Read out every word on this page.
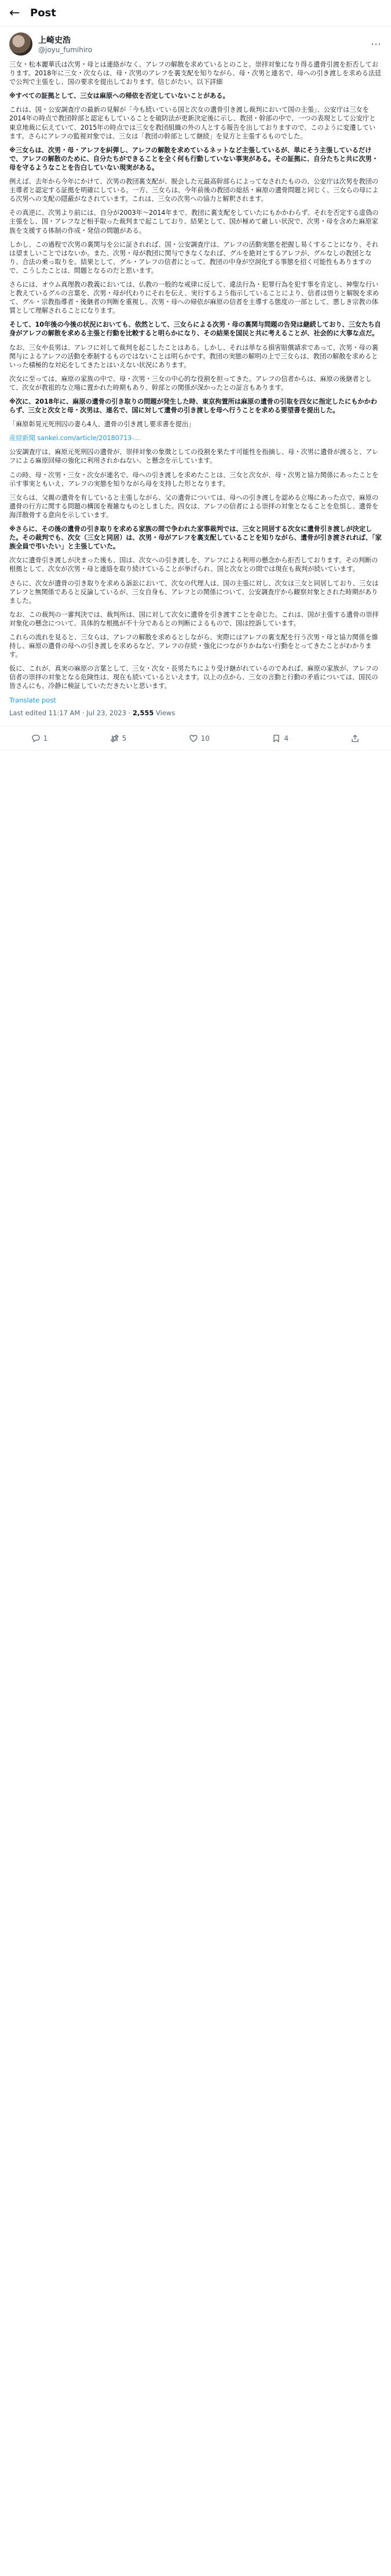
← Post
上崎史浩
@joyu_fumihiro	⋯

三女・松本麗華氏は次男・母とは連絡がなく、アレフの解散を求めているとのこと。崇拝対象になり得る遺骨引渡を拒否しております。2018年に三女・次女らは、母・次男のアレフを裏支配を知りながら、母・次男と連名で、母への引き渡しを求める法廷で公判で主張をし、国の要求を提出しております。信じがたい。以下詳細

※すべての証拠として、三女は麻原への帰依を否定していないことがある。

これは、国・公安調査庁の最新の見解が「今も続いている国と次女の遺骨引き渡し裁判において国の主張」、公安庁は三女を2014年の時点で教団幹部と認定もしていることを破防法が更新決定後に示し、教団・幹部の中で、一つの表現として公安庁と東京地裁に伝えていて、2015年の時点では三女を教団組織の外の人とする報告を出しておりますので、このように変遷しています。さらにアレフの監視対象では、三女は「教団の幹部として継続」を見方と主張するものでした。

※三女らは、次男・母・アレフを糾弾し、アレフの解散を求めているネットなど主張しているが、単にそう主張しているだけで、アレフの解散のために、自分たちができることを全く何も行動していない事実がある。その証拠に、自分たちと共に次男・母を守るようなことを告白していない現実がある。

例えば、去年から今年にかけて、次男の教団裏支配が、脱会した元最高幹部らによってなされたものの、公安庁は次男を教団の主導者と認定する証拠を明確にしている。一方、三女らは、今年前後の教団の総括・麻原の遺骨問題と同じく、三女らの母による次男への支配の隠蔽がなされています。これは、三女の次男への協力と解釈されます。

その真逆に、次男より前には、自分が2003年〜2014年まで、教団に裏支配をしていたにもかかわらず、それを否定する虚偽の主張をし、国・アレフなど相手取った裁判まで起こしており、結果として、国が極めて厳しい状況で、次男・母を含めた麻原家族を支援する体制の作成・発信の問題がある。

しかし、この過程で次男の裏関与を公に証されれば、国・公安調査庁は、アレフの活動実態を把握し易くすることになり、それは望ましいことではないか。また、次男・母が教団に関与できなくなれば、グルを絶対とするアレフが、グルなしの教団となり、合法の乗っ取りを。結果として、グル・アレフの信者にとって、教団の中身が空洞化する事態を招く可能性もありますので、こうしたことは、問題となるのだと思います。

さらには、オウム真理教の教義においては、仏教の一般的な戒律に反して、違法行為・犯罪行為を犯す事を肯定し、神聖な行いと教えているグルの言葉を、次男・母が代わりにそれを伝え、実行するよう指示していることにより、信者は悟りと解脱を求めて、グル・宗教指導者・後継者の判断を重視し、次男・母への帰依が麻原の信者を主導する態度の一部として、悪しき宗教の体質として理解されることになります。

そして、10年後の今後の状況においても、依然として、三女らによる次男・母の裏関与問題の告発は継続しており、三女たち自身がアレフの解散を求める主張と行動を比較すると明らかになり、その結果を国民と共に考えることが、社会的に大事な点だ。

なお、三女や長男は、アレフに対して裁判を起こしたことはある。しかし、それは単なる損害賠償請求であって、次男・母の裏関与によるアレフの活動を牽制するものではないことは明らかです。教団の実態の解明の上で三女らは、教団の解散を求めるといった積極的な対応をしてきたとはいえない状況にあります。

次女に至っては、麻原の家族の中で、母・次男・三女の中心的な役割を担ってきた。アレフの信者からは、麻原の後継者として、次女が教祖的な立場に置かれた時期もあり、幹部との関係が深かったとの証言もあります。

※次に、2018年に、麻原の遺骨の引き取りの問題が発生した時、東京拘置所は麻原の遺骨の引取を四女に指定したにもかかわらず、三女と次女と母・次男は、連名で、国に対して遺骨の引き渡しを母へ行うことを求める要望書を提出した。

「麻原彰晃元死刑囚の妻ら4人、遺骨の引き渡し要求書を提出」

産経新聞 sankei.com/article/20180713-...

公安調査庁は、麻原元死刑囚の遺骨が、崇拝対象の象徴としての役割を果たす可能性を指摘し、母・次男に遺骨が渡ると、アレフによる麻原回帰の強化に利用されかねない、と懸念を示しています。

この時、母・次男・三女・次女が連名で、母への引き渡しを求めたことは、三女と次女が、母・次男と協力関係にあったことを示す事実ともいえ、アレフの実態を知りながら母を支持した形となります。

三女らは、父親の遺骨を有していると主張しながら、父の遺骨については、母への引き渡しを認める立場にあった点で、麻原の遺骨の行方に関する問題の構図を複雑なものとしました。四女は、アレフの信者による崇拝の対象となることを危惧し、遺骨を海洋散骨する意向を示しています。

※さらに、その後の遺骨の引き取りを求める家族の間で争われた家事裁判では、三女と同居する次女に遺骨引き渡しが決定した。その裁判でも、次女（三女と同居）は、次男・母がアレフを裏支配していることを知りながら、遺骨が引き渡されれば、「家族全員で弔いたい」と主張していた。

次女に遺骨引き渡しが決まった後も、国は、次女への引き渡しを、アレフによる利用の懸念から拒否しております。その判断の根拠として、次女が次男・母と連絡を取り続けていることが挙げられ、国と次女との間では現在も裁判が続いています。

さらに、次女が遺骨の引き取りを求める訴訟において、次女の代理人は、国の主張に対し、次女は三女と同居しており、三女はアレフと無関係であると反論しているが、三女自身も、アレフとの関係について、公安調査庁から観察対象とされた時期がありました。

なお、この裁判の一審判決では、裁判所は、国に対して次女に遺骨を引き渡すことを命じた。これは、国が主張する遺骨の崇拝対象化の懸念について、具体的な根拠が不十分であるとの判断によるもので、国は控訴しています。

これらの流れを見ると、三女らは、アレフの解散を求めるとしながら、実際にはアレフの裏支配を行う次男・母と協力関係を維持し、麻原の遺骨の母への引き渡しを求めるなど、アレフの存続・強化につながりかねない行動をとってきたことがわかります。

仮に、これが、真実の麻原の言葉として、三女・次女・長男たちにより受け継がれているのであれば、麻原の家族が、アレフの信者の崇拝の対象となる危険性は、現在も続いているといえます。以上の点から、三女の言動と行動の矛盾については、国民の皆さんにも、冷静に検証していただきたいと思います。

Translate post
Last edited 11:17 AM · Jul 23, 2023 · 2,555 Views
1	5	10	4
